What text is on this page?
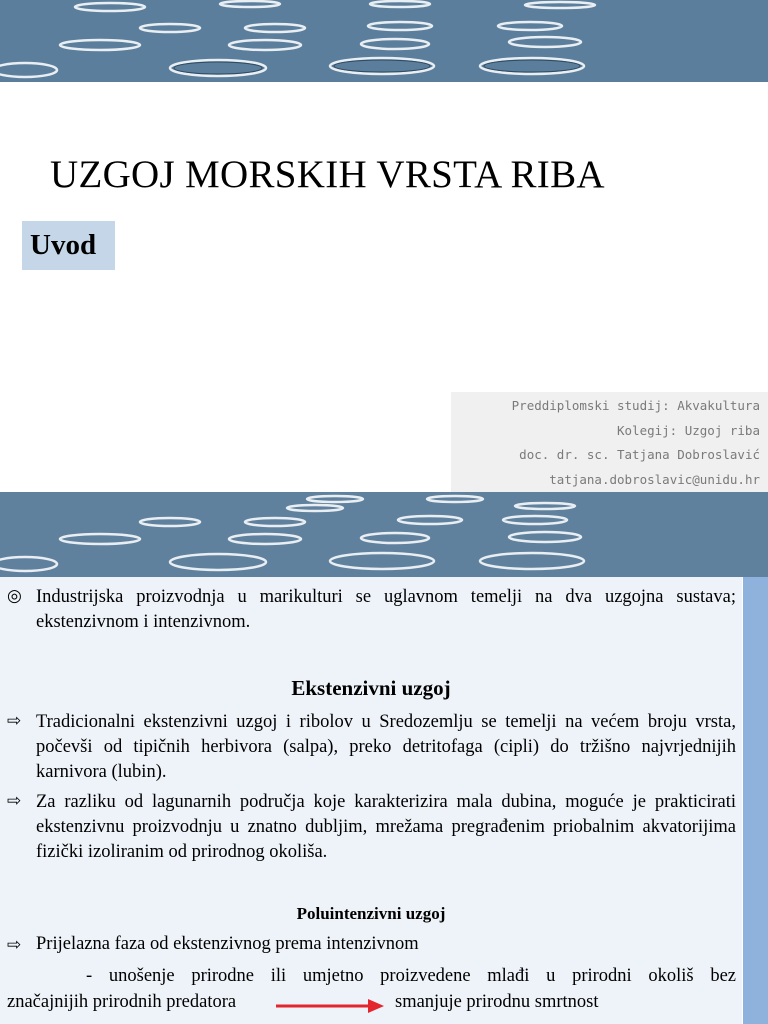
UZGOJ MORSKIH VRSTA RIBA
Uvod
Preddiplomski studij: Akvakultura
Kolegij: Uzgoj riba
doc. dr. sc. Tatjana Dobroslavić
tatjana.dobroslavic@unidu.hr
◎ Industrijska proizvodnja u marikulturi se uglavnom temelji na dva uzgojna sustava; ekstenzivnom i intenzivnom.
Ekstenzivni uzgoj
⇨ Tradicionalni ekstenzivni uzgoj i ribolov u Sredozemlju se temelji na većem broju vrsta, počevši od tipičnih herbivora (salpa), preko detritofaga (cipli) do tržišno najvrjednijih karnivora (lubin).
⇨ Za razliku od lagunarnih područja koje karakterizira mala dubina, moguće je prakticirati ekstenzivnu proizvodnju u znatno dubljim, mrežama pregrađenim priobalnim akvatorijima fizički izoliranim od prirodnog okoliša.
Poluintenzivni uzgoj
⇨ Prijelazna faza od ekstenzivnog prema intenzivnom
- unošenje prirodne ili umjetno proizvedene mlađi u prirodni okoliš bez
značajnijih prirodnih predatora	smanjuje prirodnu smrtnost
